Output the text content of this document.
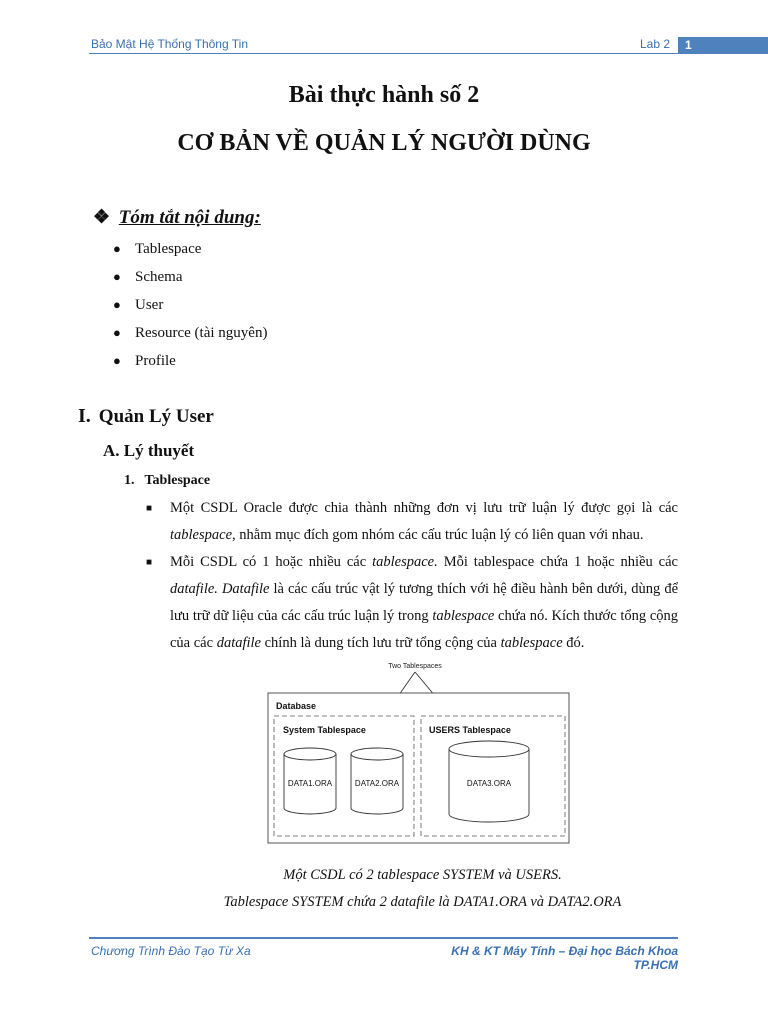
Bảo Mật Hệ Thống Thông Tin	Lab 2	1
Bài thực hành số 2
CƠ BẢN VỀ QUẢN LÝ NGƯỜI DÙNG
❖ Tóm tắt nội dung:
● Tablespace
● Schema
● User
● Resource (tài nguyên)
● Profile
I. Quản Lý User
A. Lý thuyết
1. Tablespace
■ Một CSDL Oracle được chia thành những đơn vị lưu trữ luận lý được gọi là các tablespace, nhằm mục đích gom nhóm các cấu trúc luận lý có liên quan với nhau.
■ Mỗi CSDL có 1 hoặc nhiều các tablespace. Mỗi tablespace chứa 1 hoặc nhiều các datafile. Datafile là các cấu trúc vật lý tương thích với hệ điều hành bên dưới, dùng để lưu trữ dữ liệu của các cấu trúc luận lý trong tablespace chứa nó. Kích thước tổng cộng của các datafile chính là dung tích lưu trữ tổng cộng của tablespace đó.
Two Tablespaces
Database
System Tablespace	USERS Tablespace
DATA1.ORA	DATA2.ORA	DATA3.ORA
Một CSDL có 2 tablespace SYSTEM và USERS.
Tablespace SYSTEM chứa 2 datafile là DATA1.ORA và DATA2.ORA
Chương Trình Đào Tạo Từ Xa	KH & KT Máy Tính – Đại học Bách Khoa TP.HCM
